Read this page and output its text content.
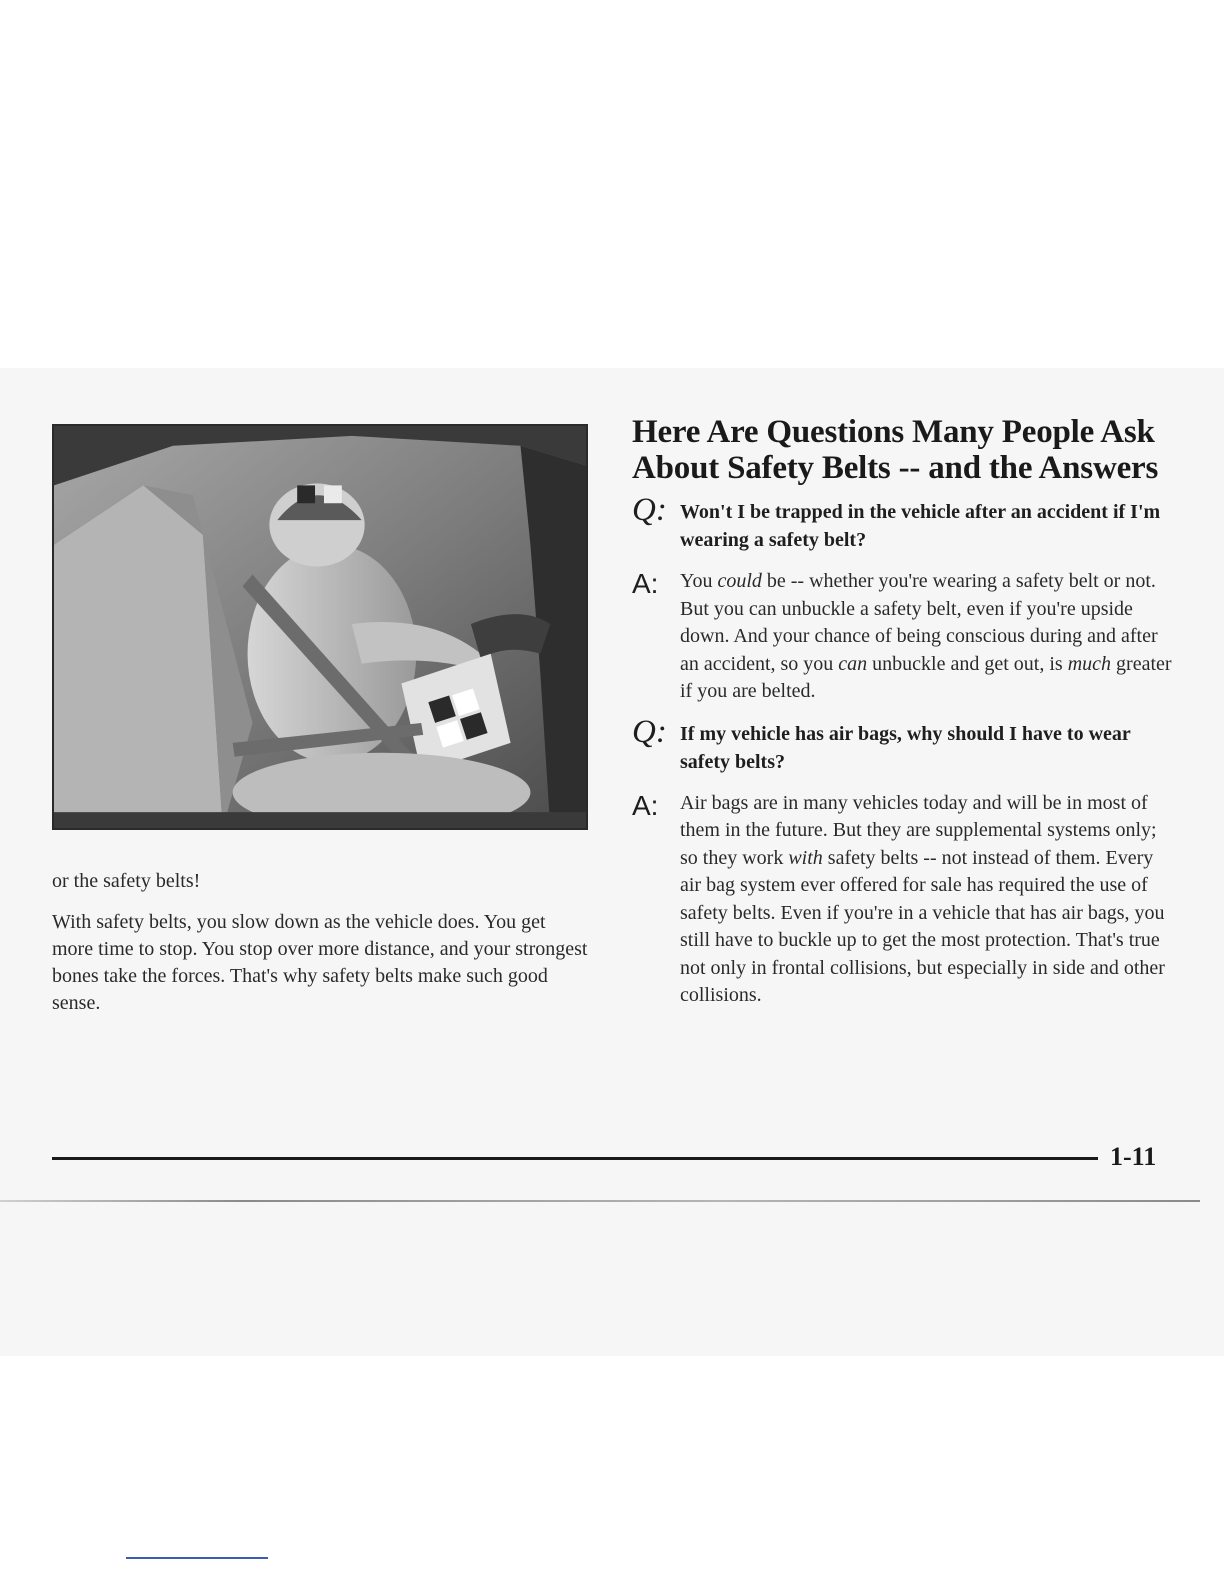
or the safety belts!

With safety belts, you slow down as the vehicle does. You get more time to stop. You stop over more distance, and your strongest bones take the forces. That's why safety belts make such good sense.

Here Are Questions Many People Ask
About Safety Belts -- and the Answers
Q: Won't I be trapped in the vehicle after an accident if I'm wearing a safety belt?
A: You could be -- whether you're wearing a safety belt or not. But you can unbuckle a safety belt, even if you're upside down. And your chance of being conscious during and after an accident, so you can unbuckle and get out, is much greater if you are belted.
Q: If my vehicle has air bags, why should I have to wear safety belts?
A: Air bags are in many vehicles today and will be in most of them in the future. But they are supplemental systems only; so they work with safety belts -- not instead of them. Every air bag system ever offered for sale has required the use of safety belts. Even if you're in a vehicle that has air bags, you still have to buckle up to get the most protection. That's true not only in frontal collisions, but especially in side and other collisions.
1-11
